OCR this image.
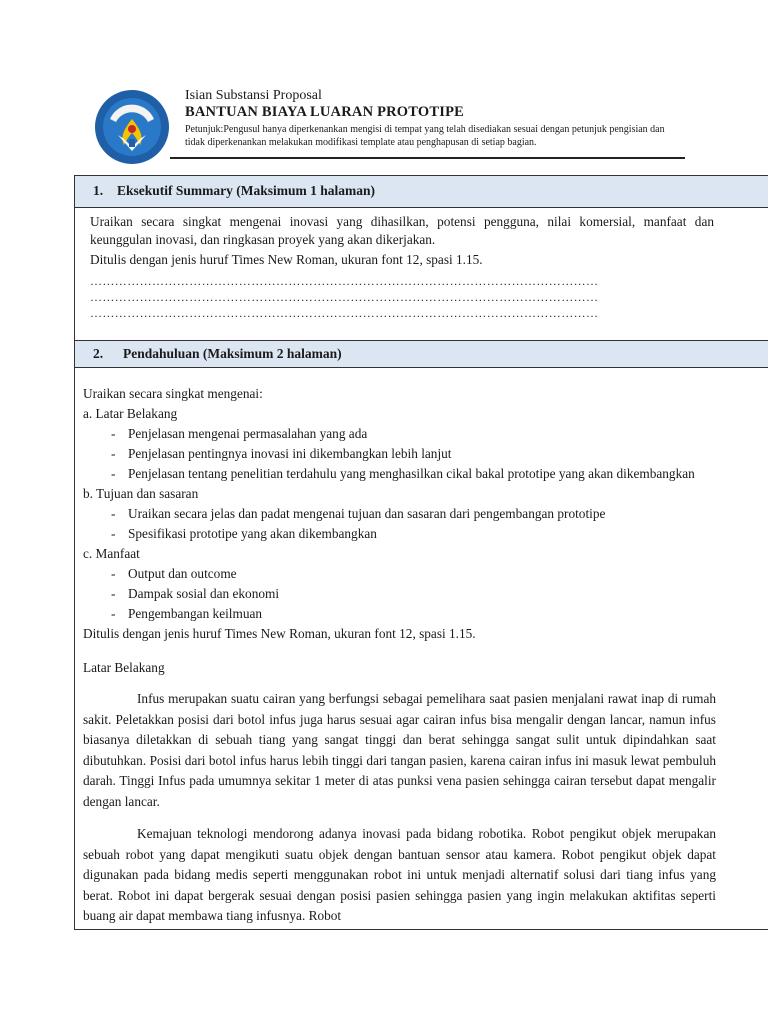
Isian Substansi Proposal
BANTUAN BIAYA LUARAN PROTOTIPE
Petunjuk:Pengusul hanya diperkenankan mengisi di tempat yang telah disediakan sesuai dengan petunjuk pengisian dan tidak diperkenankan melakukan modifikasi template atau penghapusan di setiap bagian.
1. Eksekutif Summary (Maksimum 1 halaman)
Uraikan secara singkat mengenai inovasi yang dihasilkan, potensi pengguna, nilai komersial, manfaat dan keunggulan inovasi, dan ringkasan proyek yang akan dikerjakan.
Ditulis dengan jenis huruf Times New Roman, ukuran font 12, spasi 1.15.
……………………………………………………………………………………………………………
……………………………………………………………………………………………………………
……………………………………………………………………………………………………………
2. Pendahuluan (Maksimum 2 halaman)
Uraikan secara singkat mengenai:
a. Latar Belakang
- Penjelasan mengenai permasalahan yang ada
- Penjelasan pentingnya inovasi ini dikembangkan lebih lanjut
- Penjelasan tentang penelitian terdahulu yang menghasilkan cikal bakal prototipe yang akan dikembangkan
b. Tujuan dan sasaran
- Uraikan secara jelas dan padat mengenai tujuan dan sasaran dari pengembangan prototipe
- Spesifikasi prototipe yang akan dikembangkan
c. Manfaat
- Output dan outcome
- Dampak sosial dan ekonomi
- Pengembangan keilmuan
Ditulis dengan jenis huruf Times New Roman, ukuran font 12, spasi 1.15.
Latar Belakang
Infus merupakan suatu cairan yang berfungsi sebagai pemelihara saat pasien menjalani rawat inap di rumah sakit. Peletakkan posisi dari botol infus juga harus sesuai agar cairan infus bisa mengalir dengan lancar, namun infus biasanya diletakkan di sebuah tiang yang sangat tinggi dan berat sehingga sangat sulit untuk dipindahkan saat dibutuhkan. Posisi dari botol infus harus lebih tinggi dari tangan pasien, karena cairan infus ini masuk lewat pembuluh darah. Tinggi Infus pada umumnya sekitar 1 meter di atas punksi vena pasien sehingga cairan tersebut dapat mengalir dengan lancar.
Kemajuan teknologi mendorong adanya inovasi pada bidang robotika. Robot pengikut objek merupakan sebuah robot yang dapat mengikuti suatu objek dengan bantuan sensor atau kamera. Robot pengikut objek dapat digunakan pada bidang medis seperti menggunakan robot ini untuk menjadi alternatif solusi dari tiang infus yang berat. Robot ini dapat bergerak sesuai dengan posisi pasien sehingga pasien yang ingin melakukan aktifitas seperti buang air dapat membawa tiang infusnya. Robot
